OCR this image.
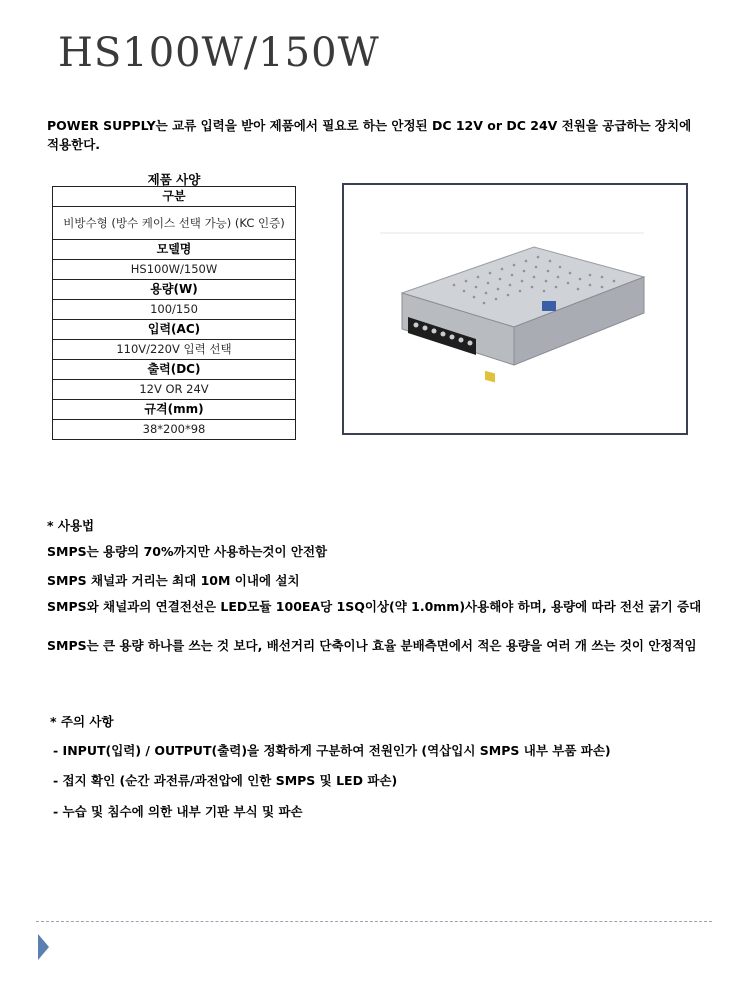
HS100W/150W
POWER SUPPLY는 교류 입력을 받아 제품에서 필요로 하는 안정된 DC 12V or DC 24V 전원을 공급하는 장치에 적용한다.
제품 사양
구분
비방수형 (방수 케이스 선택 가능) (KC 인증)
모델명
HS100W/150W
용량(W)
100/150
입력(AC)
110V/220V 입력 선택
출력(DC)
12V OR 24V
규격(mm)
38*200*98
* 사용법
SMPS는 용량의 70%까지만 사용하는것이 안전함
SMPS 채널과 거리는 최대 10M 이내에 설치
SMPS와 채널과의 연결전선은 LED모듈 100EA당 1SQ이상(약 1.0mm)사용해야 하며, 용량에 따라 전선 굵기 증대
SMPS는 큰 용량 하나를 쓰는 것 보다, 배선거리 단축이나 효율 분배측면에서 적은 용량을 여러 개 쓰는 것이 안정적임
* 주의 사항
- INPUT(입력) / OUTPUT(출력)을 정확하게 구분하여 전원인가 (역삽입시 SMPS 내부 부품 파손)
- 접지 확인 (순간 과전류/과전압에 인한 SMPS 및 LED 파손)
- 누습 및 침수에 의한 내부 기판 부식 및 파손
